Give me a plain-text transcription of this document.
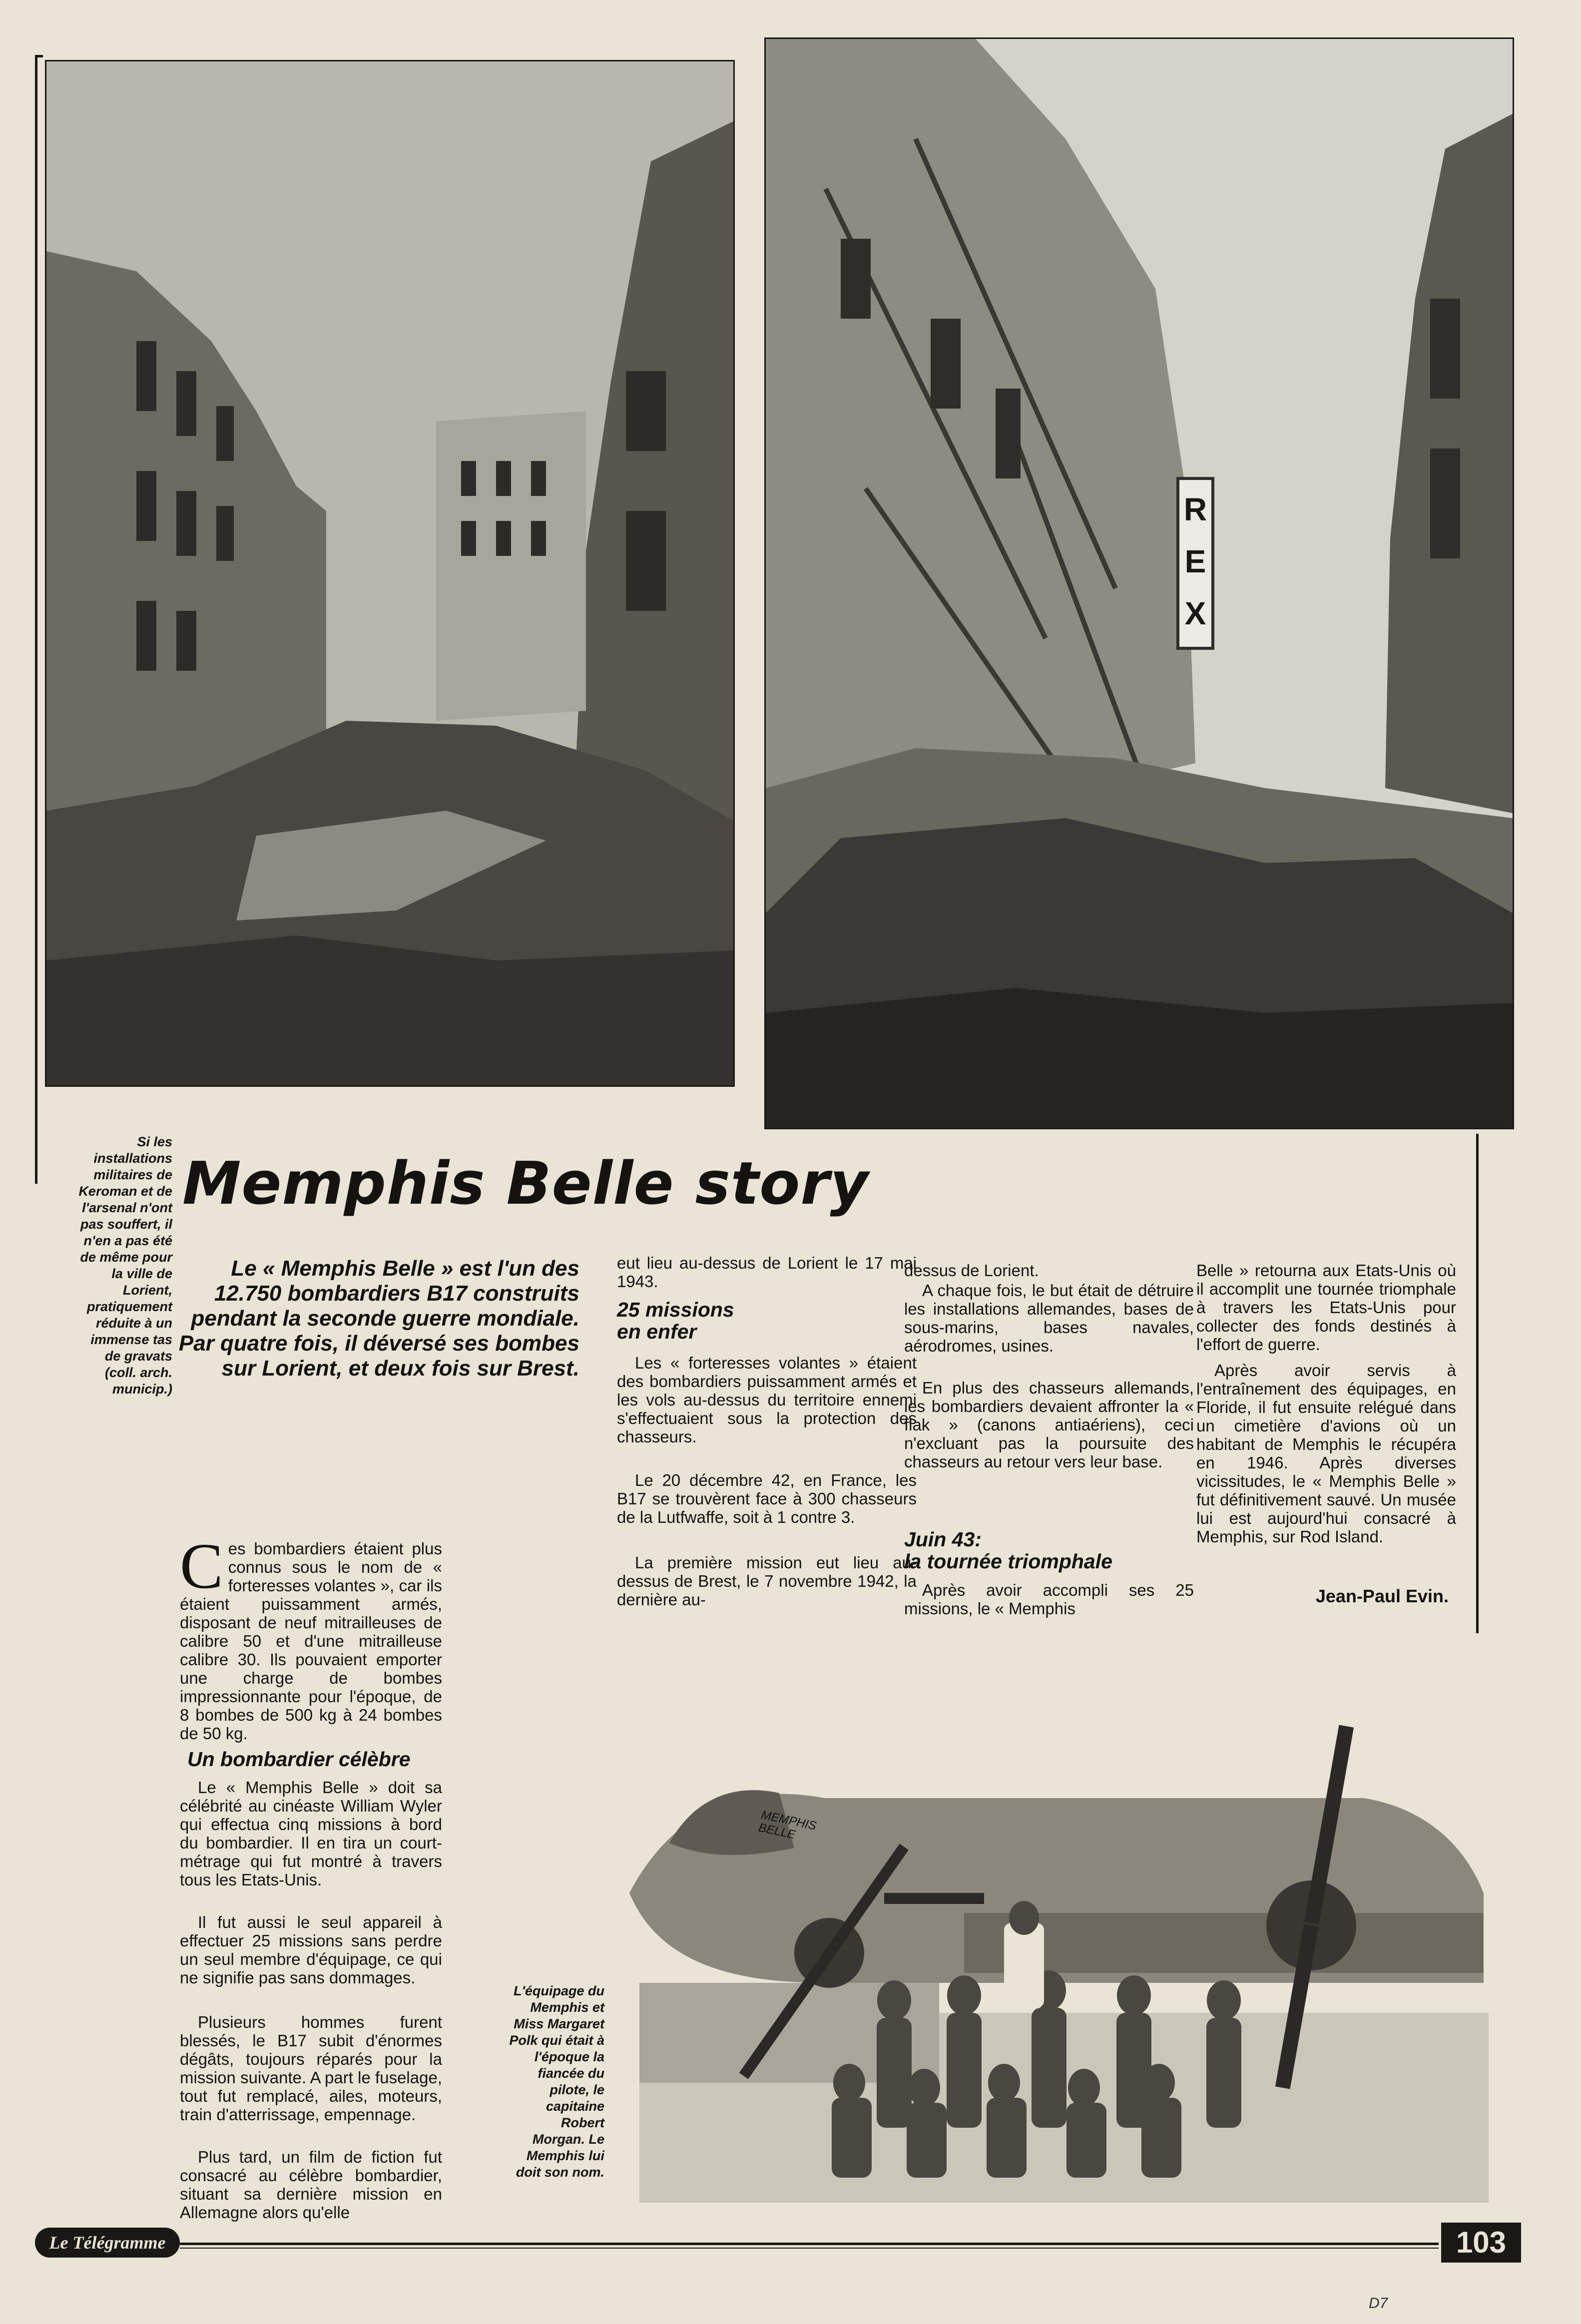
REX
Si les
installations
militaires de
Keroman et de
l'arsenal n'ont
pas souffert, il
n'en a pas été
de même pour
la ville de
Lorient,
pratiquement
réduite à un
immense tas
de gravats
(coll. arch.
municip.)
Memphis Belle story

Le « Memphis Belle » est l'un des 12.750 bombardiers B17 construits pendant la seconde guerre mondiale. Par quatre fois, il déversé ses bombes sur Lorient, et deux fois sur Brest.

Ces bombardiers étaient plus connus sous le nom de « forteresses volantes », car ils étaient puissamment armés, disposant de neuf mitrailleuses de calibre 50 et d'une mitrailleuse calibre 30. Ils pouvaient emporter une charge de bombes impressionnante pour l'époque, de 8 bombes de 500 kg à 24 bombes de 50 kg.

Un bombardier célèbre
Le « Memphis Belle » doit sa célébrité au cinéaste William Wyler qui effectua cinq missions à bord du bombardier. Il en tira un court-métrage qui fut montré à travers tous les Etats-Unis.
Il fut aussi le seul appareil à effectuer 25 missions sans perdre un seul membre d'équipage, ce qui ne signifie pas sans dommages.
Plusieurs hommes furent blessés, le B17 subit d'énormes dégâts, toujours réparés pour la mission suivante. A part le fuselage, tout fut remplacé, ailes, moteurs, train d'atterrissage, empennage.
Plus tard, un film de fiction fut consacré au célèbre bombardier, situant sa dernière mission en Allemagne alors qu'elle
eut lieu au-dessus de Lorient le 17 mai 1943.
25 missions
en enfer
Les « forteresses volantes » étaient des bombardiers puissamment armés et les vols au-dessus du territoire ennemi s'effectuaient sous la protection des chasseurs.
Le 20 décembre 42, en France, les B17 se trouvèrent face à 300 chasseurs de la Lutfwaffe, soit à 1 contre 3.
La première mission eut lieu au-dessus de Brest, le 7 novembre 1942, la dernière au-
dessus de Lorient.
A chaque fois, le but était de détruire les installations allemandes, bases de sous-marins, bases navales, aérodromes, usines.
En plus des chasseurs allemands, les bombardiers devaient affronter la « flak » (canons antiaériens), ceci n'excluant pas la poursuite des chasseurs au retour vers leur base.
Juin 43:
la tournée triomphale
Après avoir accompli ses 25 missions, le « Memphis
Belle » retourna aux Etats-Unis où il accomplit une tournée triomphale à travers les Etats-Unis pour collecter des fonds destinés à l'effort de guerre.
Après avoir servis à l'entraînement des équipages, en Floride, il fut ensuite relégué dans un cimetière d'avions où un habitant de Memphis le récupéra en 1946. Après diverses vicissitudes, le « Memphis Belle » fut définitivement sauvé. Un musée lui est aujourd'hui consacré à Memphis, sur Rod Island.
Jean-Paul Evin.
MEMPHIS BELLE
L'équipage du
Memphis et
Miss Margaret
Polk qui était à
l'époque la
fiancée du
pilote, le
capitaine
Robert
Morgan. Le
Memphis lui
doit son nom.
Le Télégramme	103
D7
